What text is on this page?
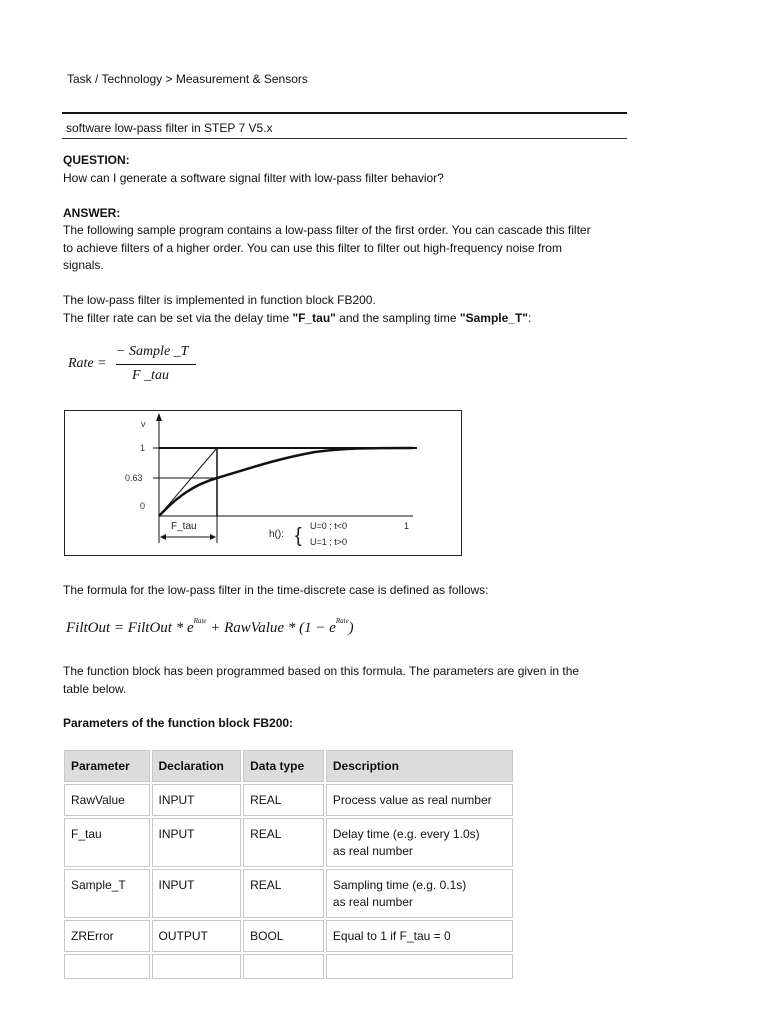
Task / Technology > Measurement & Sensors
software low-pass filter in STEP 7 V5.x
QUESTION:
How can I generate a software signal filter with low-pass filter behavior?
ANSWER:
The following sample program contains a low-pass filter of the first order. You can cascade this filter
to achieve filters of a higher order. You can use this filter to filter out high-frequency noise from
signals.
The low-pass filter is implemented in function block FB200.
The filter rate can be set via the delay time "F_tau" and the sampling time "Sample_T":
Rate =
− Sample _T
F _tau
v
1
0.63
0
F_tau
h(): { U=0 ; t<0
U=1 ; t>0
1
The formula for the low-pass filter in the time-discrete case is defined as follows:
FiltOut = FiltOut * $e^{Rate}$ + RawValue * $(1 - e^{Rate})$
The function block has been programmed based on this formula. The parameters are given in the
table below.
Parameters of the function block FB200:
Parameter	Declaration	Data type	Description
RawValue	INPUT	REAL	Process value as real number

F_tau	INPUT	REAL	Delay time (e.g. every 1.0s)
as real number

Sample_T	INPUT	REAL	Sampling time (e.g. 0.1s)
as real number

ZRError	OUTPUT	BOOL	Equal to 1 if F_tau = 0
